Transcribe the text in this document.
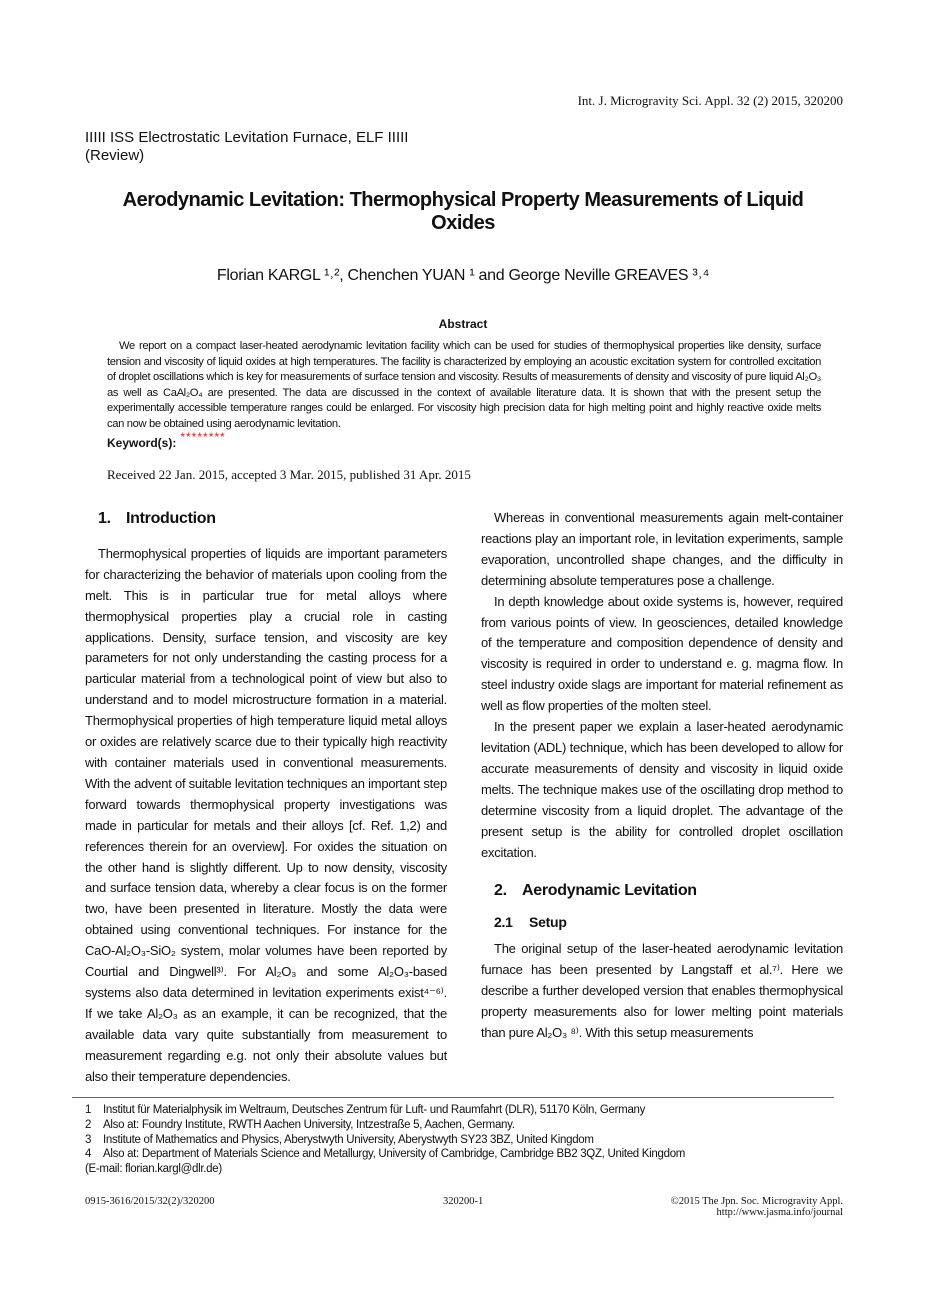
Int. J. Microgravity Sci. Appl. 32 (2) 2015, 320200
IIIII ISS Electrostatic Levitation Furnace, ELF IIIII
(Review)
Aerodynamic Levitation: Thermophysical Property Measurements of Liquid Oxides
Florian KARGL ¹˒², Chenchen YUAN ¹ and George Neville GREAVES ³˒⁴
Abstract
We report on a compact laser-heated aerodynamic levitation facility which can be used for studies of thermophysical properties like density, surface tension and viscosity of liquid oxides at high temperatures. The facility is characterized by employing an acoustic excitation system for controlled excitation of droplet oscillations which is key for measurements of surface tension and viscosity. Results of measurements of density and viscosity of pure liquid Al₂O₃ as well as CaAl₂O₄ are presented. The data are discussed in the context of available literature data. It is shown that with the present setup the experimentally accessible temperature ranges could be enlarged. For viscosity high precision data for high melting point and highly reactive oxide melts can now be obtained using aerodynamic levitation.
Keyword(s): ********
Received 22 Jan. 2015, accepted 3 Mar. 2015, published 31 Apr. 2015
1. Introduction

Thermophysical properties of liquids are important parameters for characterizing the behavior of materials upon cooling from the melt. This is in particular true for metal alloys where thermophysical properties play a crucial role in casting applications. Density, surface tension, and viscosity are key parameters for not only understanding the casting process for a particular material from a technological point of view but also to understand and to model microstructure formation in a material. Thermophysical properties of high temperature liquid metal alloys or oxides are relatively scarce due to their typically high reactivity with container materials used in conventional measurements. With the advent of suitable levitation techniques an important step forward towards thermophysical property investigations was made in particular for metals and their alloys [cf. Ref. 1,2) and references therein for an overview]. For oxides the situation on the other hand is slightly different. Up to now density, viscosity and surface tension data, whereby a clear focus is on the former two, have been presented in literature. Mostly the data were obtained using conventional techniques. For instance for the CaO-Al₂O₃-SiO₂ system, molar volumes have been reported by Courtial and Dingwell³⁾. For Al₂O₃ and some Al₂O₃-based systems also data determined in levitation experiments exist⁴⁻⁶⁾. If we take Al₂O₃ as an example, it can be recognized, that the available data vary quite substantially from measurement to measurement regarding e.g. not only their absolute values but also their temperature dependencies.

Whereas in conventional measurements again melt-container reactions play an important role, in levitation experiments, sample evaporation, uncontrolled shape changes, and the difficulty in determining absolute temperatures pose a challenge.

In depth knowledge about oxide systems is, however, required from various points of view. In geosciences, detailed knowledge of the temperature and composition dependence of density and viscosity is required in order to understand e. g. magma flow. In steel industry oxide slags are important for material refinement as well as flow properties of the molten steel.

In the present paper we explain a laser-heated aerodynamic levitation (ADL) technique, which has been developed to allow for accurate measurements of density and viscosity in liquid oxide melts. The technique makes use of the oscillating drop method to determine viscosity from a liquid droplet. The advantage of the present setup is the ability for controlled droplet oscillation excitation.

2. Aerodynamic Levitation
2.1 Setup

The original setup of the laser-heated aerodynamic levitation furnace has been presented by Langstaff et al.⁷⁾. Here we describe a further developed version that enables thermophysical property measurements also for lower melting point materials than pure Al₂O₃ ⁸⁾. With this setup measurements

1 Institut für Materialphysik im Weltraum, Deutsches Zentrum für Luft- und Raumfahrt (DLR), 51170 Köln, Germany
2 Also at: Foundry Institute, RWTH Aachen University, Intzestraße 5, Aachen, Germany.
3 Institute of Mathematics and Physics, Aberystwyth University, Aberystwyth SY23 3BZ, United Kingdom
4 Also at: Department of Materials Science and Metallurgy, University of Cambridge, Cambridge BB2 3QZ, United Kingdom
(E-mail: florian.kargl@dlr.de)
0915-3616/2015/32(2)/320200	320200-1	©2015 The Jpn. Soc. Microgravity Appl.
http://www.jasma.info/journal
